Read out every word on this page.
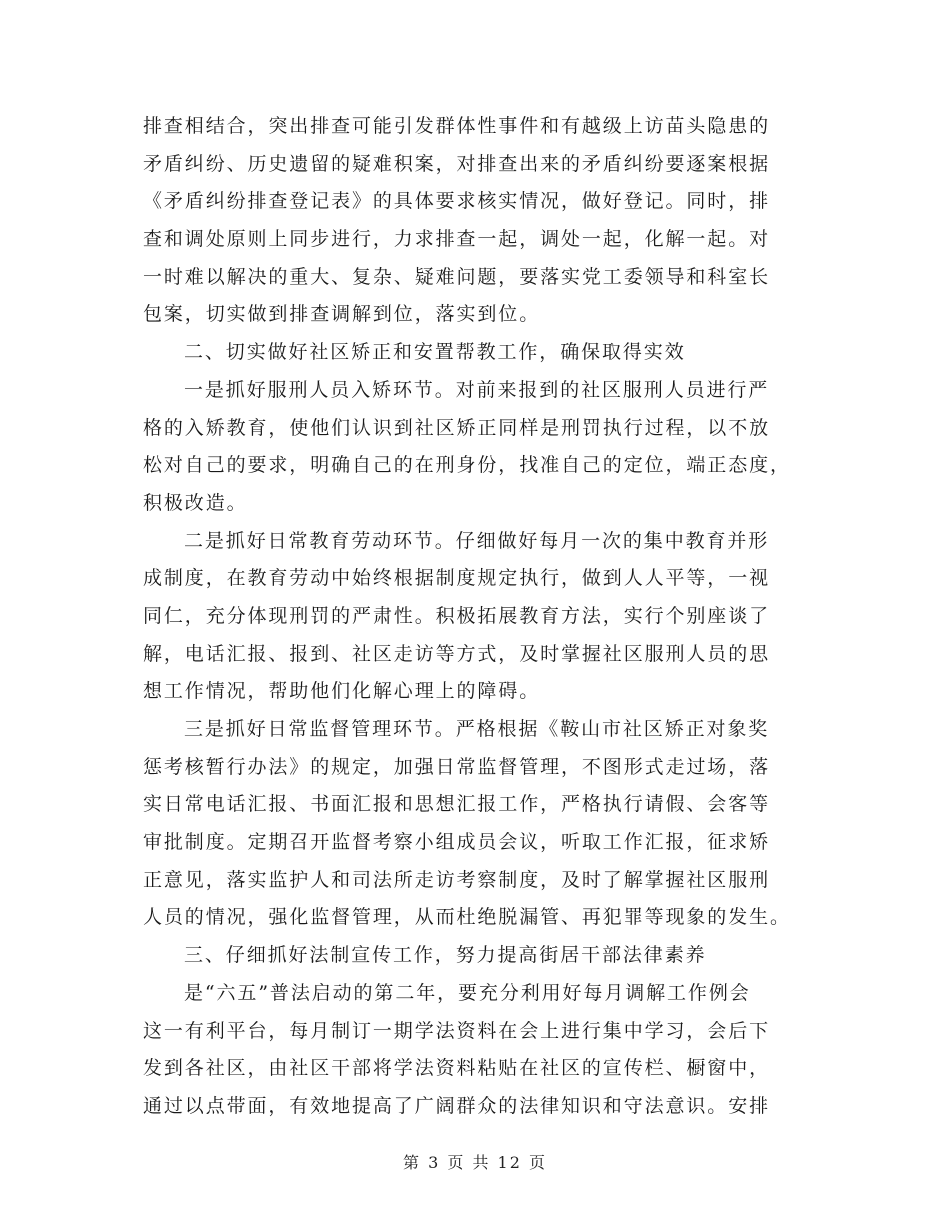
排查相结合，突出排查可能引发群体性事件和有越级上访苗头隐患的
矛盾纠纷、历史遗留的疑难积案，对排查出来的矛盾纠纷要逐案根据
《矛盾纠纷排查登记表》的具体要求核实情况，做好登记。同时，排
查和调处原则上同步进行，力求排查一起，调处一起，化解一起。对
一时难以解决的重大、复杂、疑难问题，要落实党工委领导和科室长
包案，切实做到排查调解到位，落实到位。
二、切实做好社区矫正和安置帮教工作，确保取得实效
一是抓好服刑人员入矫环节。对前来报到的社区服刑人员进行严
格的入矫教育，使他们认识到社区矫正同样是刑罚执行过程，以不放
松对自己的要求，明确自己的在刑身份，找准自己的定位，端正态度，
积极改造。
二是抓好日常教育劳动环节。仔细做好每月一次的集中教育并形
成制度，在教育劳动中始终根据制度规定执行，做到人人平等，一视
同仁，充分体现刑罚的严肃性。积极拓展教育方法，实行个别座谈了
解，电话汇报、报到、社区走访等方式，及时掌握社区服刑人员的思
想工作情况，帮助他们化解心理上的障碍。
三是抓好日常监督管理环节。严格根据《鞍山市社区矫正对象奖
惩考核暂行办法》的规定，加强日常监督管理，不图形式走过场，落
实日常电话汇报、书面汇报和思想汇报工作，严格执行请假、会客等
审批制度。定期召开监督考察小组成员会议，听取工作汇报，征求矫
正意见，落实监护人和司法所走访考察制度，及时了解掌握社区服刑
人员的情况，强化监督管理，从而杜绝脱漏管、再犯罪等现象的发生。
三、仔细抓好法制宣传工作，努力提高街居干部法律素养
是“六五”普法启动的第二年，要充分利用好每月调解工作例会
这一有利平台，每月制订一期学法资料在会上进行集中学习，会后下
发到各社区，由社区干部将学法资料粘贴在社区的宣传栏、橱窗中，
通过以点带面，有效地提高了广阔群众的法律知识和守法意识。安排
第 3 页 共 12 页
